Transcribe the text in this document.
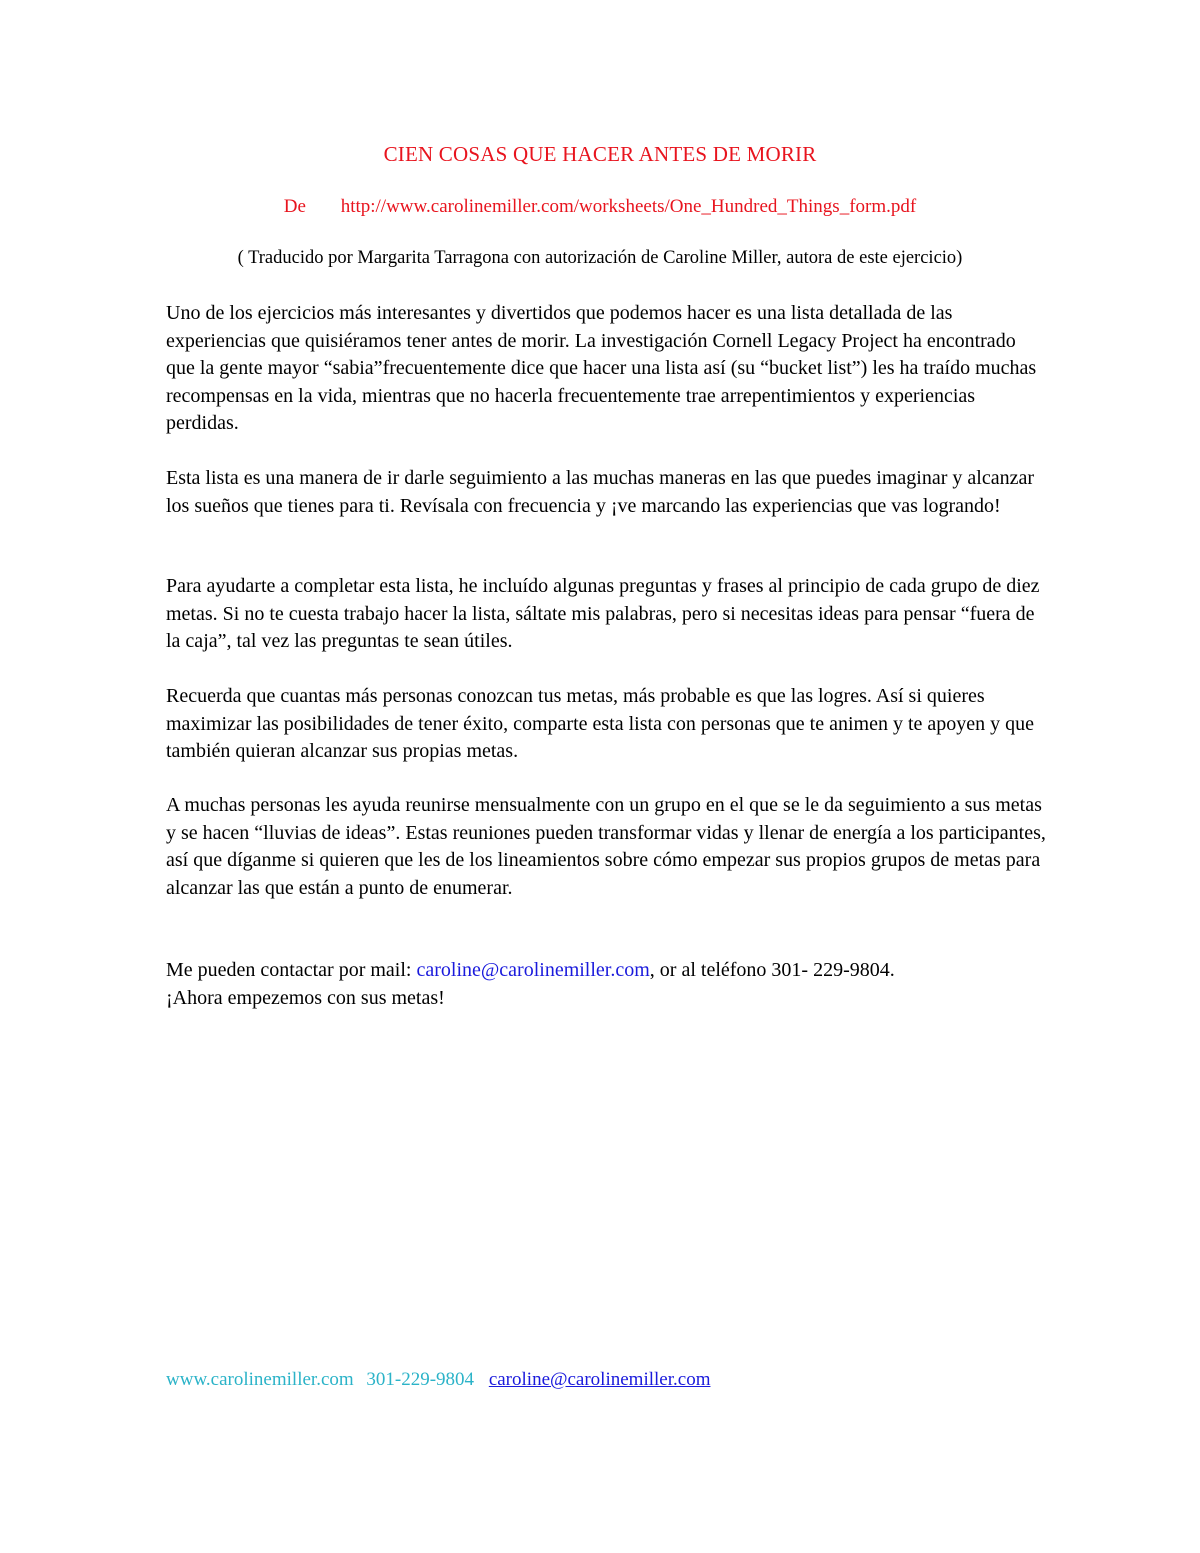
CIEN COSAS QUE HACER ANTES DE MORIR
De http://www.carolinemiller.com/worksheets/One_Hundred_Things_form.pdf
( Traducido por Margarita Tarragona con autorización de Caroline Miller, autora de este ejercicio)

Uno de los ejercicios más interesantes y divertidos que podemos hacer es una lista detallada de las experiencias que quisiéramos tener antes de morir. La investigación Cornell Legacy Project ha encontrado que la gente mayor “sabia”frecuentemente dice que hacer una lista así (su “bucket list”) les ha traído muchas recompensas en la vida, mientras que no hacerla frecuentemente trae arrepentimientos y experiencias perdidas.

Esta lista es una manera de ir darle seguimiento a las muchas maneras en las que puedes imaginar y alcanzar los sueños que tienes para ti. Revísala con frecuencia y ¡ve marcando las experiencias que vas logrando!

Para ayudarte a completar esta lista, he incluído algunas preguntas y frases al principio de cada grupo de diez metas. Si no te cuesta trabajo hacer la lista, sáltate mis palabras, pero si necesitas ideas para pensar “fuera de la caja”, tal vez las preguntas te sean útiles.

Recuerda que cuantas más personas conozcan tus metas, más probable es que las logres. Así si quieres maximizar las posibilidades de tener éxito, comparte esta lista con personas que te animen y te apoyen y que también quieran alcanzar sus propias metas.

A muchas personas les ayuda reunirse mensualmente con un grupo en el que se le da seguimiento a sus metas y se hacen “lluvias de ideas”. Estas reuniones pueden transformar vidas y llenar de energía a los participantes, así que díganme si quieren que les de los lineamientos sobre cómo empezar sus propios grupos de metas para alcanzar las que están a punto de enumerar.

Me pueden contactar por mail: caroline@carolinemiller.com, or al teléfono 301- 229-9804.
¡Ahora empezemos con sus metas!

www.carolinemiller.com 301-229-9804 caroline@carolinemiller.com
